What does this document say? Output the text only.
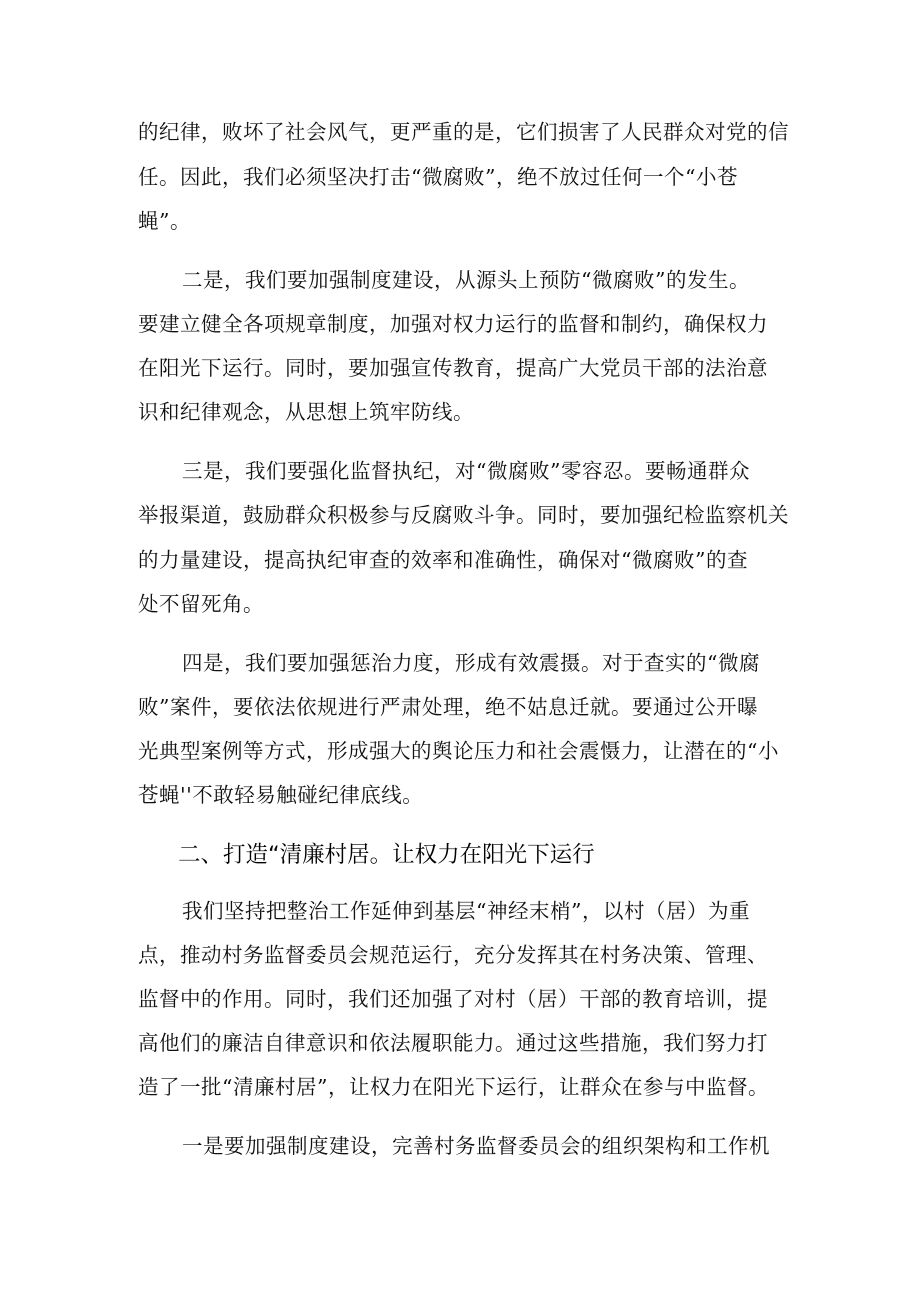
的纪律，败坏了社会风气，更严重的是，它们损害了人民群众对党的信
任。因此，我们必须坚决打击“微腐败”，绝不放过任何一个“小苍
蝇”。
二是，我们要加强制度建设，从源头上预防“微腐败”的发生。
要建立健全各项规章制度，加强对权力运行的监督和制约，确保权力
在阳光下运行。同时，要加强宣传教育，提高广大党员干部的法治意
识和纪律观念，从思想上筑牢防线。
三是，我们要强化监督执纪，对“微腐败”零容忍。要畅通群众
举报渠道，鼓励群众积极参与反腐败斗争。同时，要加强纪检监察机关
的力量建设，提高执纪审查的效率和准确性，确保对“微腐败”的查
处不留死角。
四是，我们要加强惩治力度，形成有效震摄。对于查实的“微腐
败”案件，要依法依规进行严肃处理，绝不姑息迁就。要通过公开曝
光典型案例等方式，形成强大的舆论压力和社会震慑力，让潜在的“小
苍蝇''不敢轻易触碰纪律底线。
二、打造“清廉村居。让权力在阳光下运行
我们坚持把整治工作延伸到基层“神经末梢”，以村（居）为重
点，推动村务监督委员会规范运行，充分发挥其在村务决策、管理、
监督中的作用。同时，我们还加强了对村（居）干部的教育培训，提
高他们的廉洁自律意识和依法履职能力。通过这些措施，我们努力打
造了一批“清廉村居”，让权力在阳光下运行，让群众在参与中监督。
一是要加强制度建设，完善村务监督委员会的组织架构和工作机
